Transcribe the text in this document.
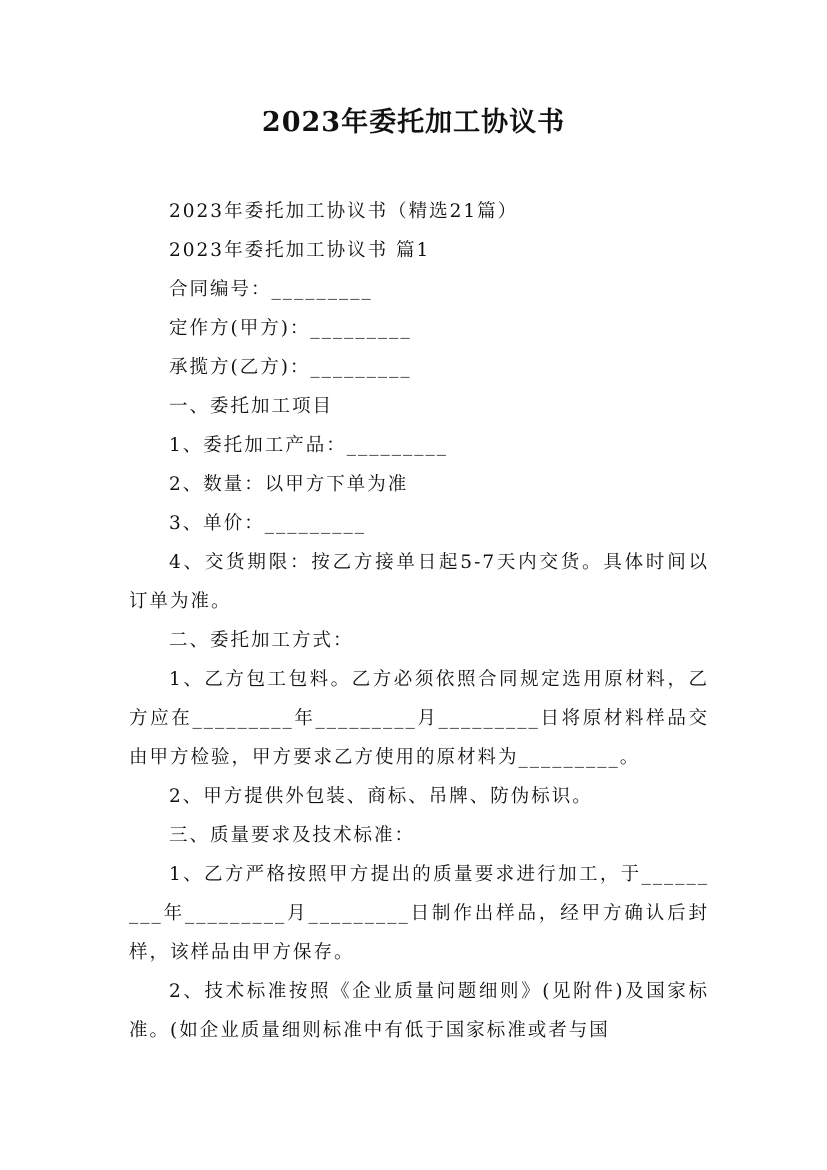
2023年委托加工协议书
2023年委托加工协议书（精选21篇）
2023年委托加工协议书 篇1
合同编号：_________
定作方(甲方)：_________
承揽方(乙方)：_________
一、委托加工项目
1、委托加工产品：_________
2、数量：以甲方下单为准
3、单价：_________
4、交货期限：按乙方接单日起5-7天内交货。具体时间以订单为准。
二、委托加工方式：
1、乙方包工包料。乙方必须依照合同规定选用原材料，乙方应在_________年_________月_________日将原材料样品交由甲方检验，甲方要求乙方使用的原材料为_________。
2、甲方提供外包装、商标、吊牌、防伪标识。
三、质量要求及技术标准：
1、乙方严格按照甲方提出的质量要求进行加工，于_________年_________月_________日制作出样品，经甲方确认后封样，该样品由甲方保存。
2、技术标准按照《企业质量问题细则》(见附件)及国家标准。(如企业质量细则标准中有低于国家标准或者与国
